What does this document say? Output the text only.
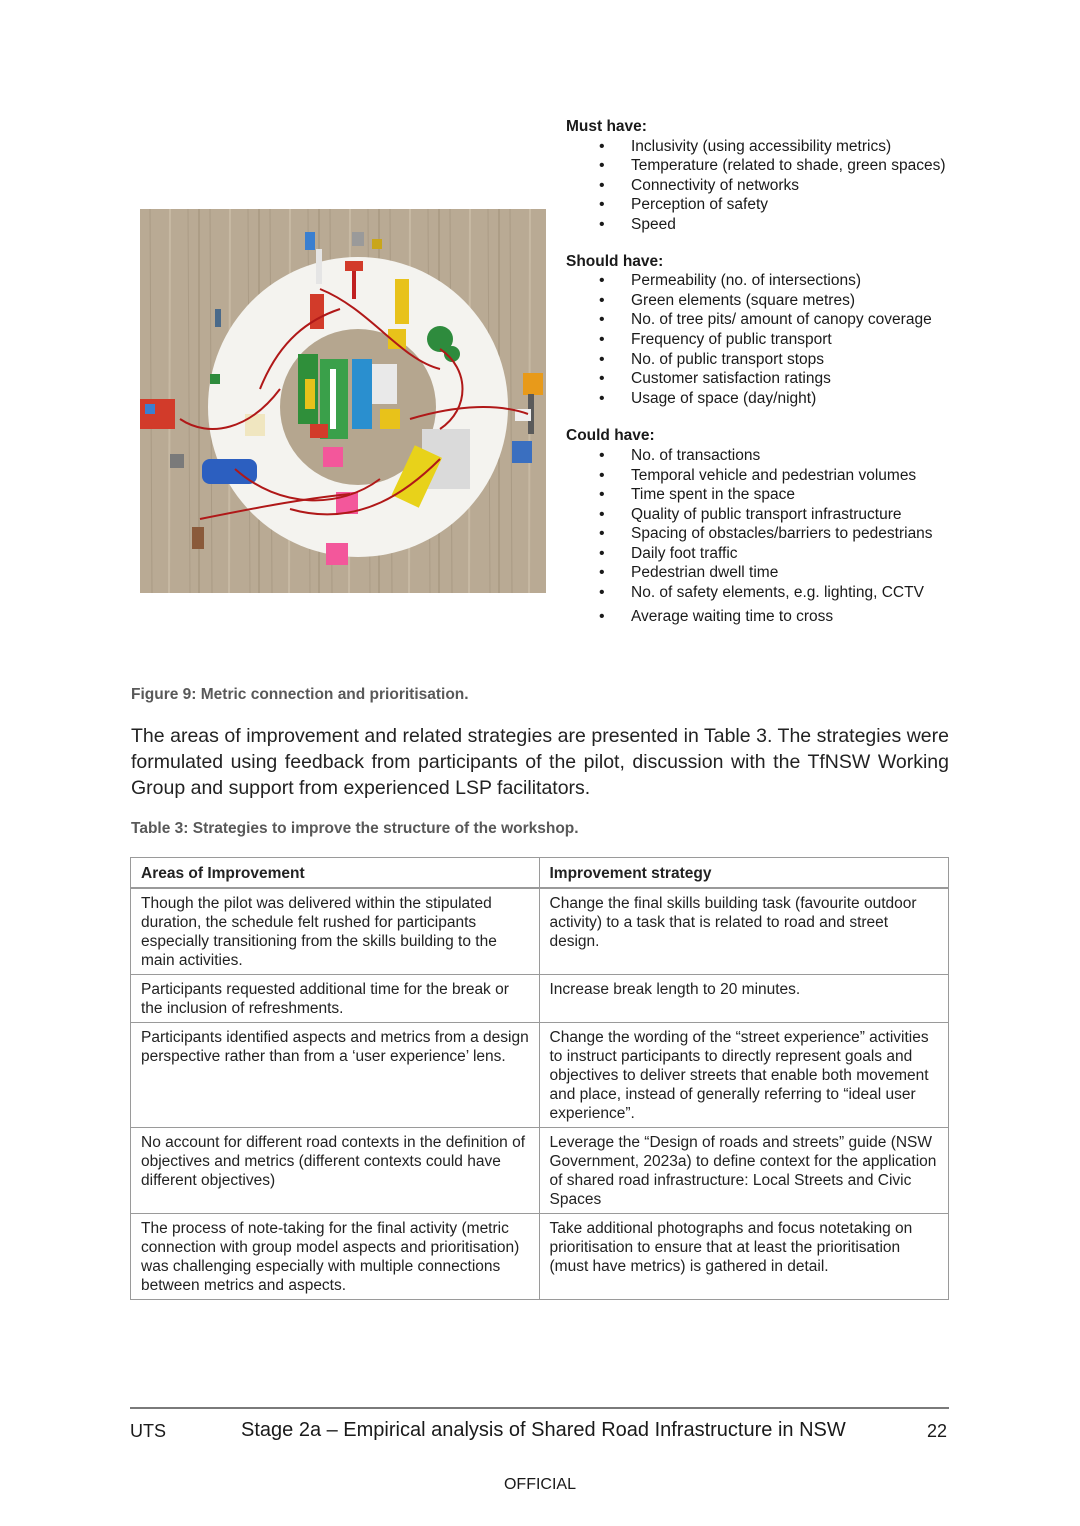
Must have:

• Inclusivity (using accessibility metrics)
• Temperature (related to shade, green spaces)
• Connectivity of networks
• Perception of safety
• Speed

Should have:

• Permeability (no. of intersections)
• Green elements (square metres)
• No. of tree pits/ amount of canopy coverage
• Frequency of public transport
• No. of public transport stops
• Customer satisfaction ratings
• Usage of space (day/night)

Could have:

• No. of transactions
• Temporal vehicle and pedestrian volumes
• Time spent in the space
• Quality of public transport infrastructure
• Spacing of obstacles/barriers to pedestrians
• Daily foot traffic
• Pedestrian dwell time
• No. of safety elements, e.g. lighting, CCTV
• Average waiting time to cross
Figure 9: Metric connection and prioritisation.

The areas of improvement and related strategies are presented in Table 3. The strategies were formulated using feedback from participants of the pilot, discussion with the TfNSW Working Group and support from experienced LSP facilitators.

Table 3: Strategies to improve the structure of the workshop.
Areas of Improvement	Improvement strategy
Though the pilot was delivered within the stipulated duration, the schedule felt rushed for participants especially transitioning from the skills building to the main activities.	Change the final skills building task (favourite outdoor activity) to a task that is related to road and street design.
Participants requested additional time for the break or the inclusion of refreshments.	Increase break length to 20 minutes.
Participants identified aspects and metrics from a design perspective rather than from a ‘user experience’ lens.	Change the wording of the “street experience” activities to instruct participants to directly represent goals and objectives to deliver streets that enable both movement and place, instead of generally referring to “ideal user experience”.
No account for different road contexts in the definition of objectives and metrics (different contexts could have different objectives)	Leverage the “Design of roads and streets” guide (NSW Government, 2023a) to define context for the application of shared road infrastructure: Local Streets and Civic Spaces
The process of note-taking for the final activity (metric connection with group model aspects and prioritisation) was challenging especially with multiple connections between metrics and aspects.	Take additional photographs and focus notetaking on prioritisation to ensure that at least the prioritisation (must have metrics) is gathered in detail.
UTS	Stage 2a – Empirical analysis of Shared Road Infrastructure in NSW	22
OFFICIAL
